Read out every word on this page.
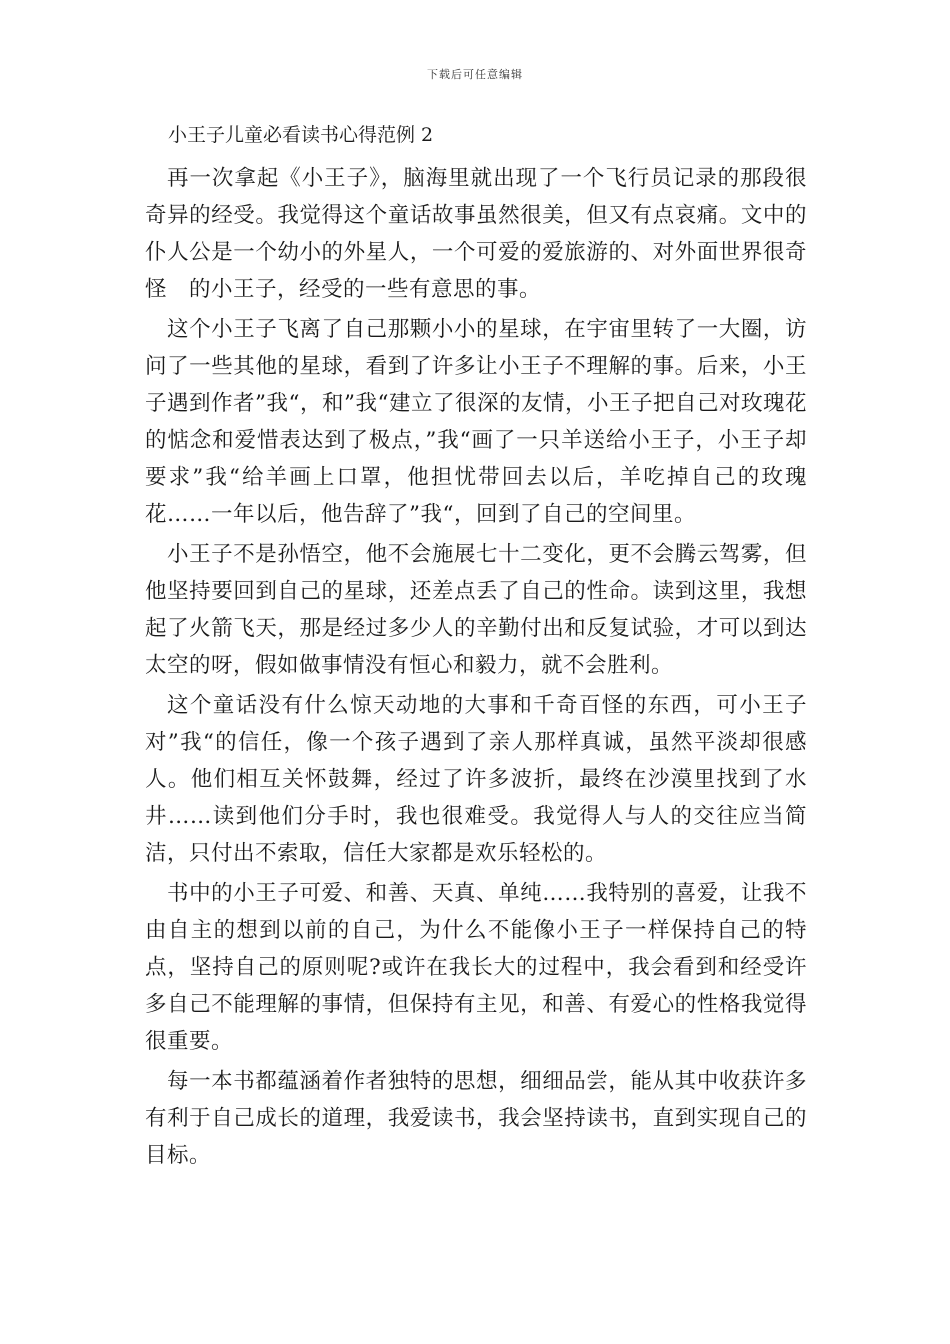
下载后可任意编辑
小王子儿童必看读书心得范例 2

再一次拿起《小王子》，脑海里就出现了一个飞行员记录的那段很奇异的经受。我觉得这个童话故事虽然很美，但又有点哀痛。文中的仆人公是一个幼小的外星人，一个可爱的爱旅游的、对外面世界很奇怪　的小王子，经受的一些有意思的事。

这个小王子飞离了自己那颗小小的星球，在宇宙里转了一大圈，访问了一些其他的星球，看到了许多让小王子不理解的事。后来，小王子遇到作者”我“，和”我“建立了很深的友情，小王子把自己对玫瑰花的惦念和爱惜表达到了极点，”我“画了一只羊送给小王子，小王子却要求”我“给羊画上口罩，他担忧带回去以后，羊吃掉自己的玫瑰花……一年以后，他告辞了”我“，回到了自己的空间里。

小王子不是孙悟空，他不会施展七十二变化，更不会腾云驾雾，但他坚持要回到自己的星球，还差点丢了自己的性命。读到这里，我想起了火箭飞天，那是经过多少人的辛勤付出和反复试验，才可以到达太空的呀，假如做事情没有恒心和毅力，就不会胜利。

这个童话没有什么惊天动地的大事和千奇百怪的东西，可小王子对”我“的信任，像一个孩子遇到了亲人那样真诚，虽然平淡却很感人。他们相互关怀鼓舞，经过了许多波折，最终在沙漠里找到了水井……读到他们分手时，我也很难受。我觉得人与人的交往应当简洁，只付出不索取，信任大家都是欢乐轻松的。

书中的小王子可爱、和善、天真、单纯……我特别的喜爱，让我不由自主的想到以前的自己，为什么不能像小王子一样保持自己的特点，坚持自己的原则呢?或许在我长大的过程中，我会看到和经受许多自己不能理解的事情，但保持有主见，和善、有爱心的性格我觉得很重要。

每一本书都蕴涵着作者独特的思想，细细品尝，能从其中收获许多有利于自己成长的道理，我爱读书，我会坚持读书，直到实现自己的目标。
